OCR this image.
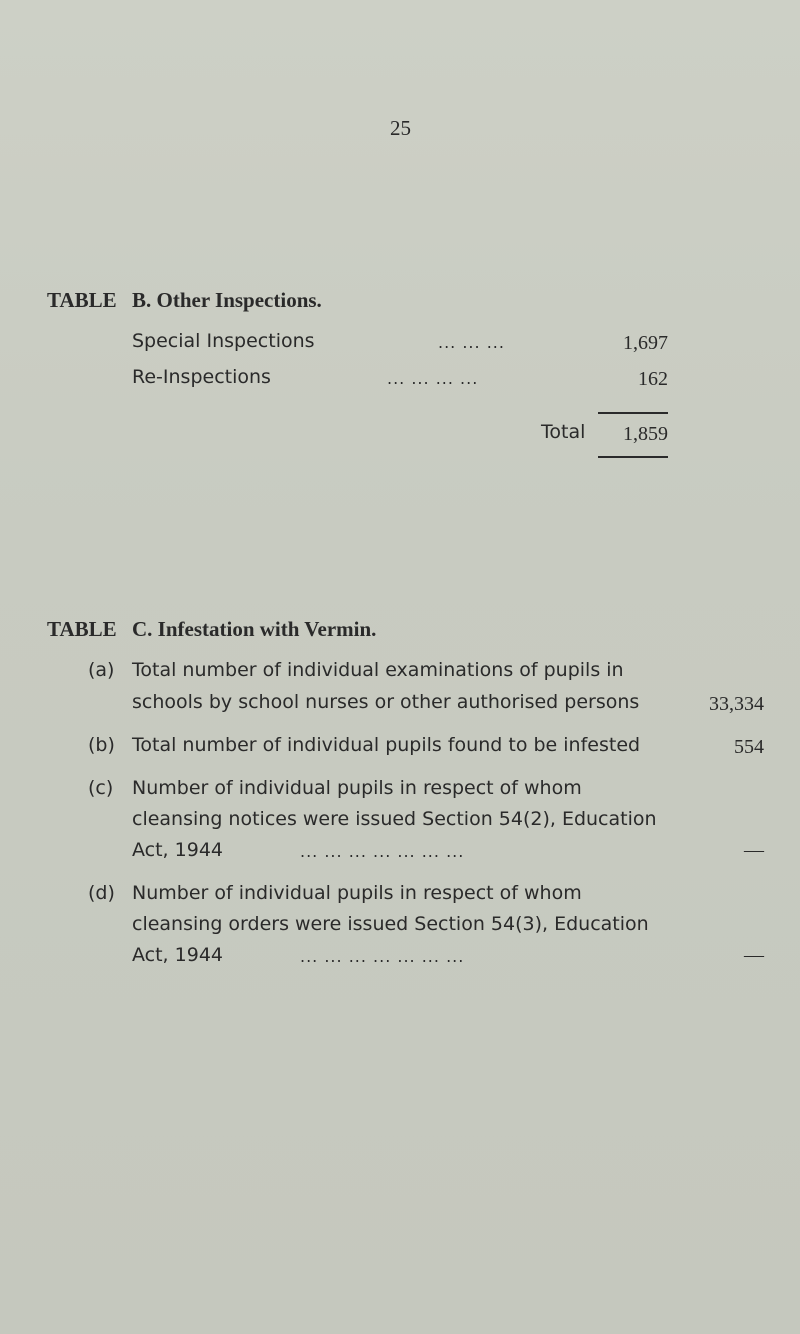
25
TABLE B. Other Inspections.
Special Inspections	... ... ...	1,697
Re-Inspections	... ... ... ...	162
Total	1,859
TABLE C. Infestation with Vermin.
(a) Total number of individual examinations of pupils in
schools by school nurses or other authorised persons	33,334
(b) Total number of individual pupils found to be infested	554
(c) Number of individual pupils in respect of whom
cleansing notices were issued Section 54(2), Education
Act, 1944	... ... ... ... ... ... ...	—
(d) Number of individual pupils in respect of whom
cleansing orders were issued Section 54(3), Education
Act, 1944	... ... ... ... ... ... ...	—
